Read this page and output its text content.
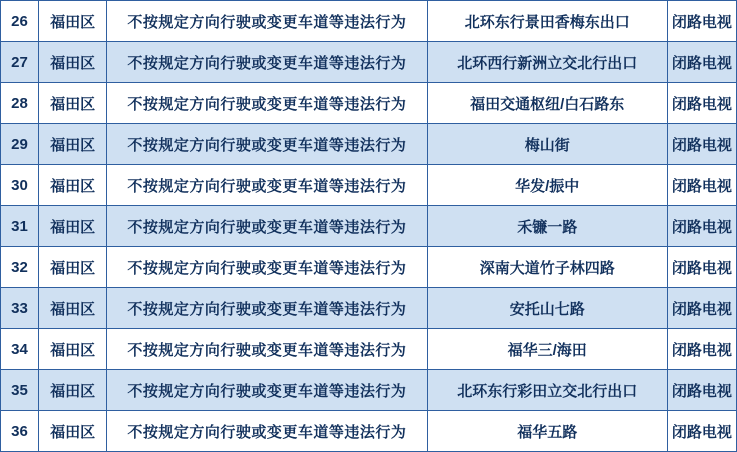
26	福田区	不按规定方向行驶或变更车道等违法行为	北环东行景田香梅东出口	闭路电视
27	福田区	不按规定方向行驶或变更车道等违法行为	北环西行新洲立交北行出口	闭路电视
28	福田区	不按规定方向行驶或变更车道等违法行为	福田交通枢纽/白石路东	闭路电视
29	福田区	不按规定方向行驶或变更车道等违法行为	梅山街	闭路电视
30	福田区	不按规定方向行驶或变更车道等违法行为	华发/振中	闭路电视
31	福田区	不按规定方向行驶或变更车道等违法行为	禾镰一路	闭路电视
32	福田区	不按规定方向行驶或变更车道等违法行为	深南大道竹子林四路	闭路电视
33	福田区	不按规定方向行驶或变更车道等违法行为	安托山七路	闭路电视
34	福田区	不按规定方向行驶或变更车道等违法行为	福华三/海田	闭路电视
35	福田区	不按规定方向行驶或变更车道等违法行为	北环东行彩田立交北行出口	闭路电视
36	福田区	不按规定方向行驶或变更车道等违法行为	福华五路	闭路电视
